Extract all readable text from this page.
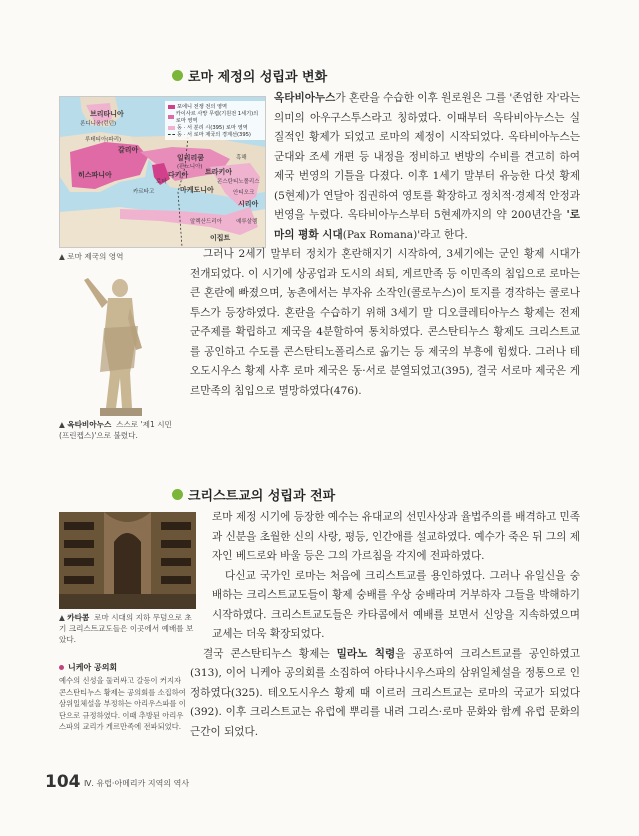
로마 제정의 성립과 변화
포에니 전쟁 전의 영역
카이사르 사망 무렵(기원전 1세기)의 로마 영역
동 · 서 분리 시(395) 로마 영역
동 · 서 로마 제국의 경계선(395)
브리타니아
론디니움(런던)
루테티아(파리)
갈리아
히스파니아
카르타고
일리리쿰
(판노니아)
다키아 트라키아
마케도니아
로마
흑해
콘스탄티노폴리스
안티오크
시리아
예루살렘
알렉산드리아
이집트
▲ 로마 제국의 영역
▲ 옥타비아누스 스스로 '제1 시민(프린켑스)'으로 불렸다.

옥타비아누스가 혼란을 수습한 이후 원로원은 그를 '존엄한 자'라는 의미의 아우구스투스라고 칭하였다. 이때부터 옥타비아누스는 실질적인 황제가 되었고 로마의 제정이 시작되었다. 옥타비아누스는 군대와 조세 개편 등 내정을 정비하고 변방의 수비를 견고히 하여 제국 번영의 기틀을 다졌다. 이후 1세기 말부터 유능한 다섯 황제(5현제)가 연달아 집권하여 영토를 확장하고 정치적·경제적 안정과 번영을 누렸다. 옥타비아누스부터 5현제까지의 약 200년간을 '로마의 평화 시대(Pax Romana)'라고 한다.

그러나 2세기 말부터 정치가 혼란해지기 시작하여, 3세기에는 군인 황제 시대가 전개되었다. 이 시기에 상공업과 도시의 쇠퇴, 게르만족 등 이민족의 침입으로 로마는 큰 혼란에 빠졌으며, 농촌에서는 부자유 소작인(콜로누스)이 토지를 경작하는 콜로나투스가 등장하였다. 혼란을 수습하기 위해 3세기 말 디오클레티아누스 황제는 전제 군주제를 확립하고 제국을 4분할하여 통치하였다. 콘스탄티누스 황제도 크리스트교를 공인하고 수도를 콘스탄티노폴리스로 옮기는 등 제국의 부흥에 힘썼다. 그러나 테오도시우스 황제 사후 로마 제국은 동·서로 분열되었고(395), 결국 서로마 제국은 게르만족의 침입으로 멸망하였다(476).

크리스트교의 성립과 전파
▲ 카타콤 로마 시대의 지하 무덤으로 초기 크리스트교도들은 이곳에서 예배를 보았다.
니케아 공의회
예수의 신성을 둘러싸고 갈등이 커지자 콘스탄티누스 황제는 공의회를 소집하여 삼위일체설을 부정하는 아리우스파를 이단으로 규정하였다. 이때 추방된 아리우스파의 교리가 게르만족에 전파되었다.

로마 제정 시기에 등장한 예수는 유대교의 선민사상과 율법주의를 배격하고 민족과 신분을 초월한 신의 사랑, 평등, 인간애를 설교하였다. 예수가 죽은 뒤 그의 제자인 베드로와 바울 등은 그의 가르침을 각지에 전파하였다.

다신교 국가인 로마는 처음에 크리스트교를 용인하였다. 그러나 유일신을 숭배하는 크리스트교도들이 황제 숭배를 우상 숭배라며 거부하자 그들을 박해하기 시작하였다. 크리스트교도들은 카타콤에서 예배를 보면서 신앙을 지속하였으며 교세는 더욱 확장되었다.

결국 콘스탄티누스 황제는 밀라노 칙령을 공포하여 크리스트교를 공인하였고(313), 이어 니케아 공의회를 소집하여 아타나시우스파의 삼위일체설을 정통으로 인정하였다(325). 테오도시우스 황제 때 이르러 크리스트교는 로마의 국교가 되었다(392). 이후 크리스트교는 유럽에 뿌리를 내려 그리스·로마 문화와 함께 유럽 문화의 근간이 되었다.

104 Ⅳ. 유럽·아메리카 지역의 역사
